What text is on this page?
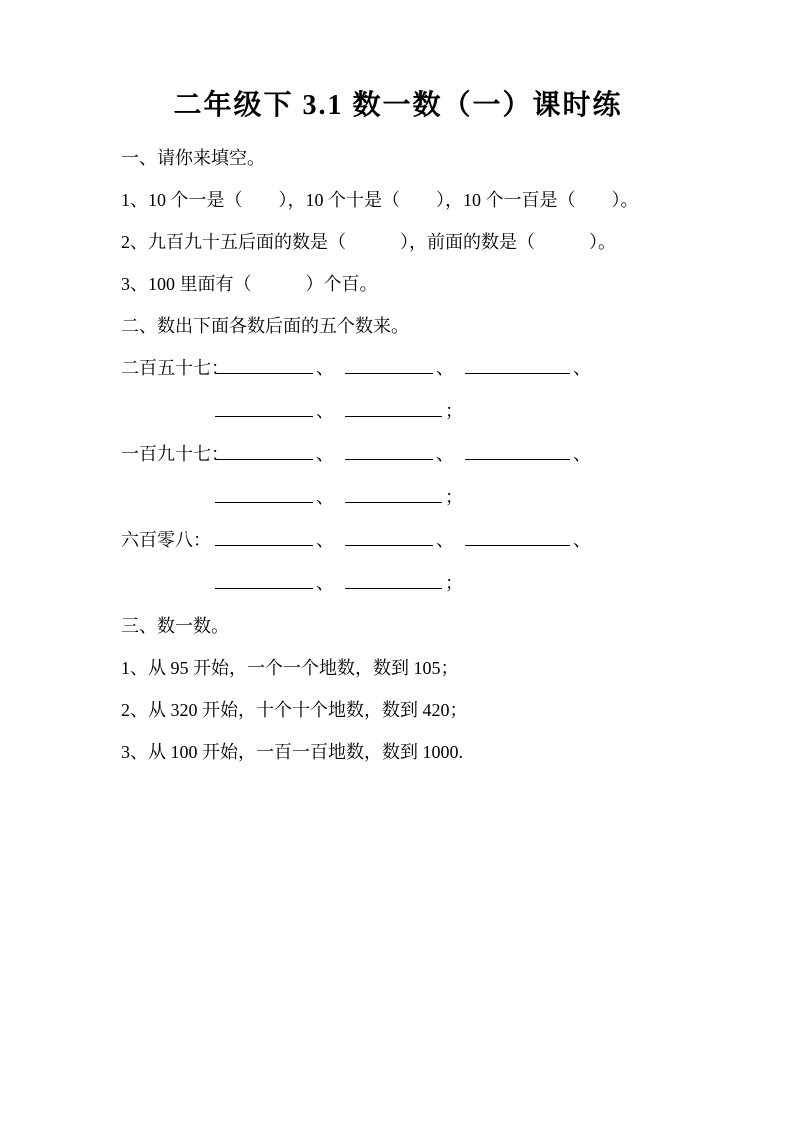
二年级下 3.1 数一数（一）课时练

一、请你来填空。

1、10 个一是（　　），10 个十是（　　），10 个一百是（　　）。

2、九百九十五后面的数是（　　　），前面的数是（　　　）。

3、100 里面有（　　　）个百。

二、数出下面各数后面的五个数来。

二百五十七：	、	、	、
、	；
一百九十七：	、	、	、
、	；
六百零八：	、	、	、
、	；

三、数一数。

1、从 95 开始，一个一个地数，数到 105；

2、从 320 开始，十个十个地数，数到 420；

3、从 100 开始，一百一百地数，数到 1000.
